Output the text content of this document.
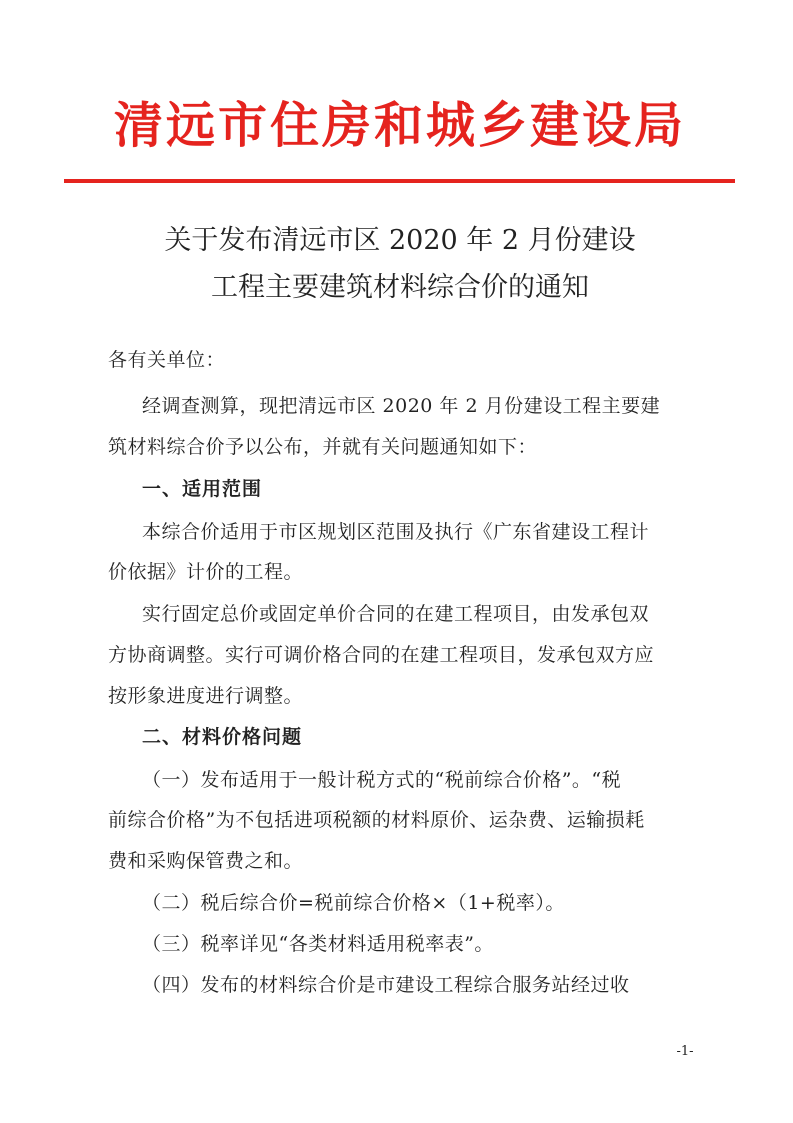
清远市住房和城乡建设局
关于发布清远市区 2020 年 2 月份建设
工程主要建筑材料综合价的通知
各有关单位：
经调查测算，现把清远市区 2020 年 2 月份建设工程主要建
筑材料综合价予以公布，并就有关问题通知如下：
一、适用范围
本综合价适用于市区规划区范围及执行《广东省建设工程计
价依据》计价的工程。
实行固定总价或固定单价合同的在建工程项目，由发承包双
方协商调整。实行可调价格合同的在建工程项目，发承包双方应
按形象进度进行调整。
二、材料价格问题
（一）发布适用于一般计税方式的“税前综合价格”。“税
前综合价格”为不包括进项税额的材料原价、运杂费、运输损耗
费和采购保管费之和。
（二）税后综合价=税前综合价格×（1+税率）。
（三）税率详见“各类材料适用税率表”。
（四）发布的材料综合价是市建设工程综合服务站经过收
-1-
